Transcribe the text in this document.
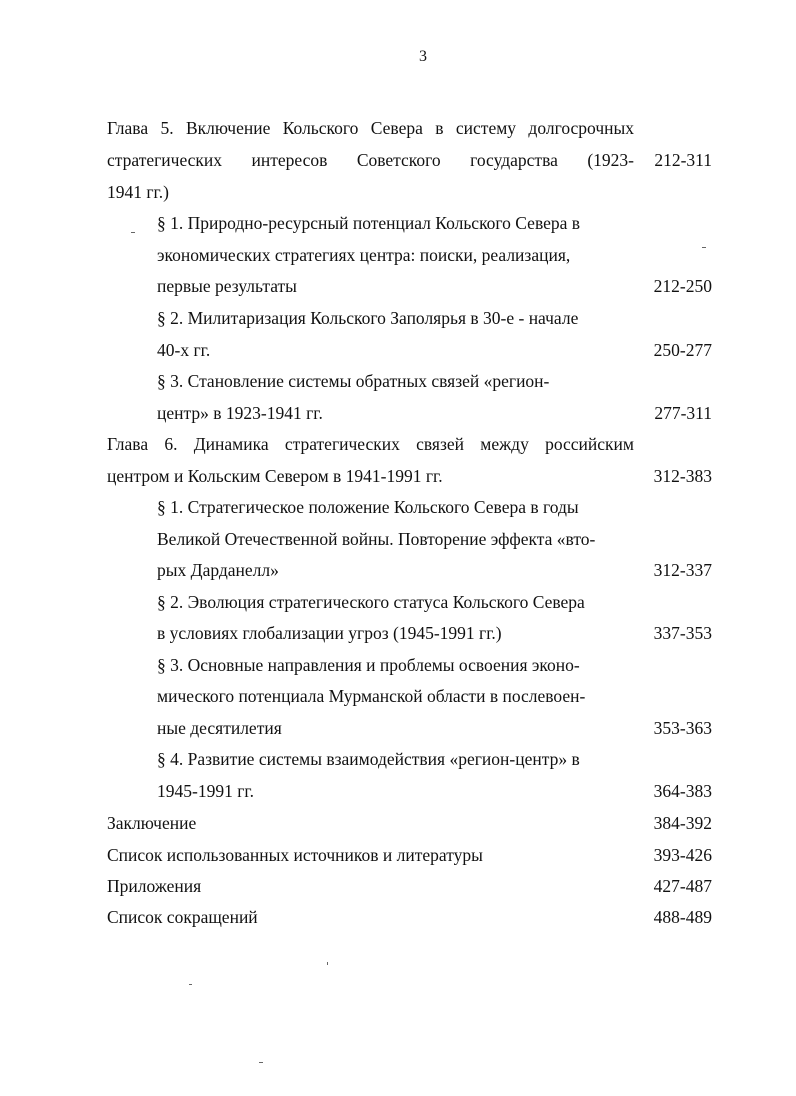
3
Глава 5. Включение Кольского Севера в систему долгосрочных
стратегических интересов Советского государства (1923-	212-311
1941 гг.)
§ 1. Природно-ресурсный потенциал Кольского Севера в
экономических стратегиях центра: поиски, реализация,
первые результаты	212-250
§ 2. Милитаризация Кольского Заполярья в 30-е - начале
40-х гг.	250-277
§ 3. Становление системы обратных связей «регион-
центр» в 1923-1941 гг.	277-311
Глава 6. Динамика стратегических связей между российским
центром и Кольским Севером в 1941-1991 гг.	312-383
§ 1. Стратегическое положение Кольского Севера в годы
Великой Отечественной войны. Повторение эффекта «вто-
рых Дарданелл»	312-337
§ 2. Эволюция стратегического статуса Кольского Севера
в условиях глобализации угроз (1945-1991 гг.)	337-353
§ 3. Основные направления и проблемы освоения эконо-
мического потенциала Мурманской области в послевоен-
ные десятилетия	353-363
§ 4. Развитие системы взаимодействия «регион-центр» в
1945-1991 гг.	364-383
Заключение	384-392
Список использованных источников и литературы	393-426
Приложения	427-487
Список сокращений	488-489
